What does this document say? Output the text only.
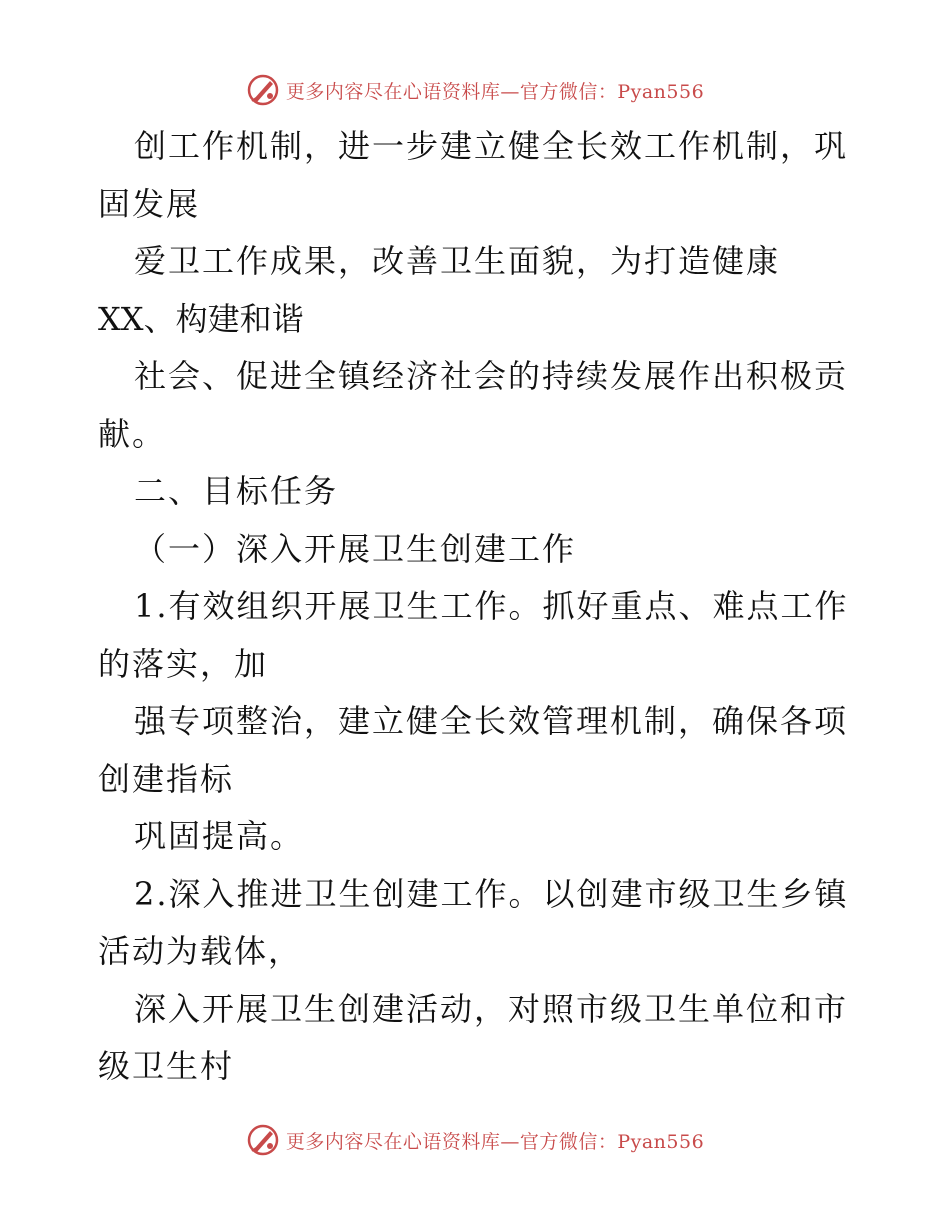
更多内容尽在心语资料库—官方微信：Pyan556
创工作机制，进一步建立健全长效工作机制，巩
固发展
爱卫工作成果，改善卫生面貌，为打造健康
XX、构建和谐
社会、促进全镇经济社会的持续发展作出积极贡
献。
二、目标任务
（一）深入开展卫生创建工作
1.有效组织开展卫生工作。抓好重点、难点工作
的落实，加
强专项整治，建立健全长效管理机制，确保各项
创建指标
巩固提高。
2.深入推进卫生创建工作。以创建市级卫生乡镇
活动为载体，
深入开展卫生创建活动，对照市级卫生单位和市
级卫生村
更多内容尽在心语资料库—官方微信：Pyan556
